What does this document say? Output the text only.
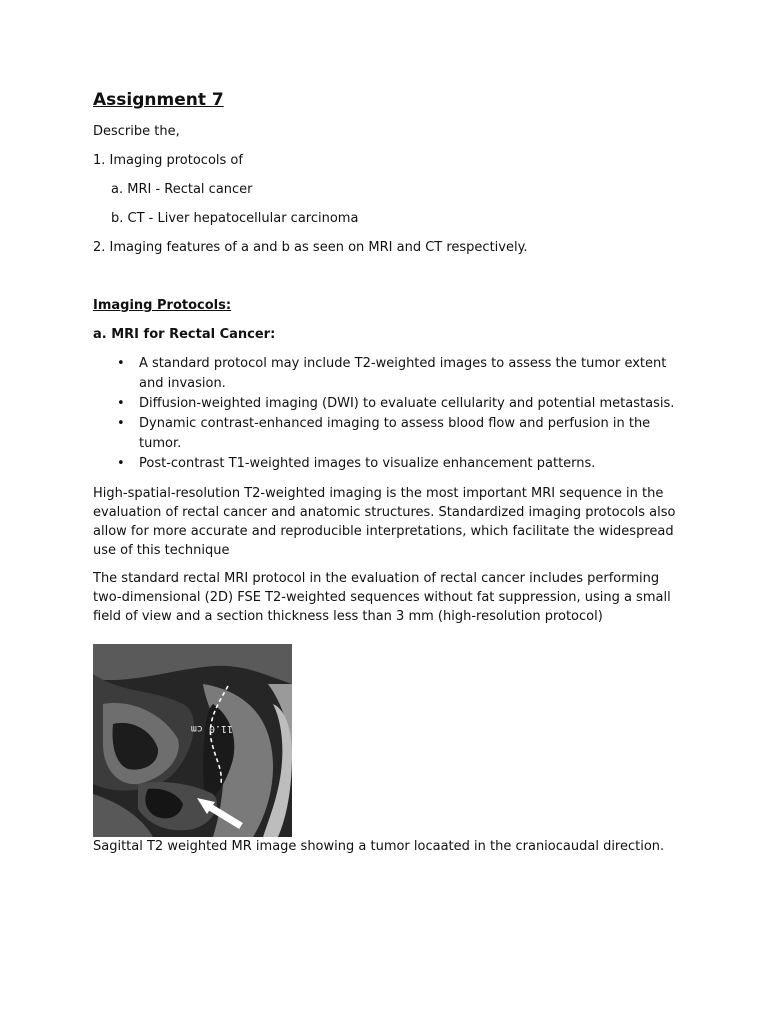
Assignment 7

Describe the,

1. Imaging protocols of

a. MRI - Rectal cancer

b. CT - Liver hepatocellular carcinoma

2. Imaging features of a and b as seen on MRI and CT respectively.

Imaging Protocols:

a. MRI for Rectal Cancer:

• A standard protocol may include T2-weighted images to assess the tumor extent and invasion.
• Diffusion-weighted imaging (DWI) to evaluate cellularity and potential metastasis.
• Dynamic contrast-enhanced imaging to assess blood flow and perfusion in the tumor.
• Post-contrast T1-weighted images to visualize enhancement patterns.

High-spatial-resolution T2-weighted imaging is the most important MRI sequence in the evaluation of rectal cancer and anatomic structures. Standardized imaging protocols also allow for more accurate and reproducible interpretations, which facilitate the widespread use of this technique

The standard rectal MRI protocol in the evaluation of rectal cancer includes performing two-dimensional (2D) FSE T2-weighted sequences without fat suppression, using a small field of view and a section thickness less than 3 mm (high-resolution protocol)

11.0 cm

Sagittal T2 weighted MR image showing a tumor locaated in the craniocaudal direction.
